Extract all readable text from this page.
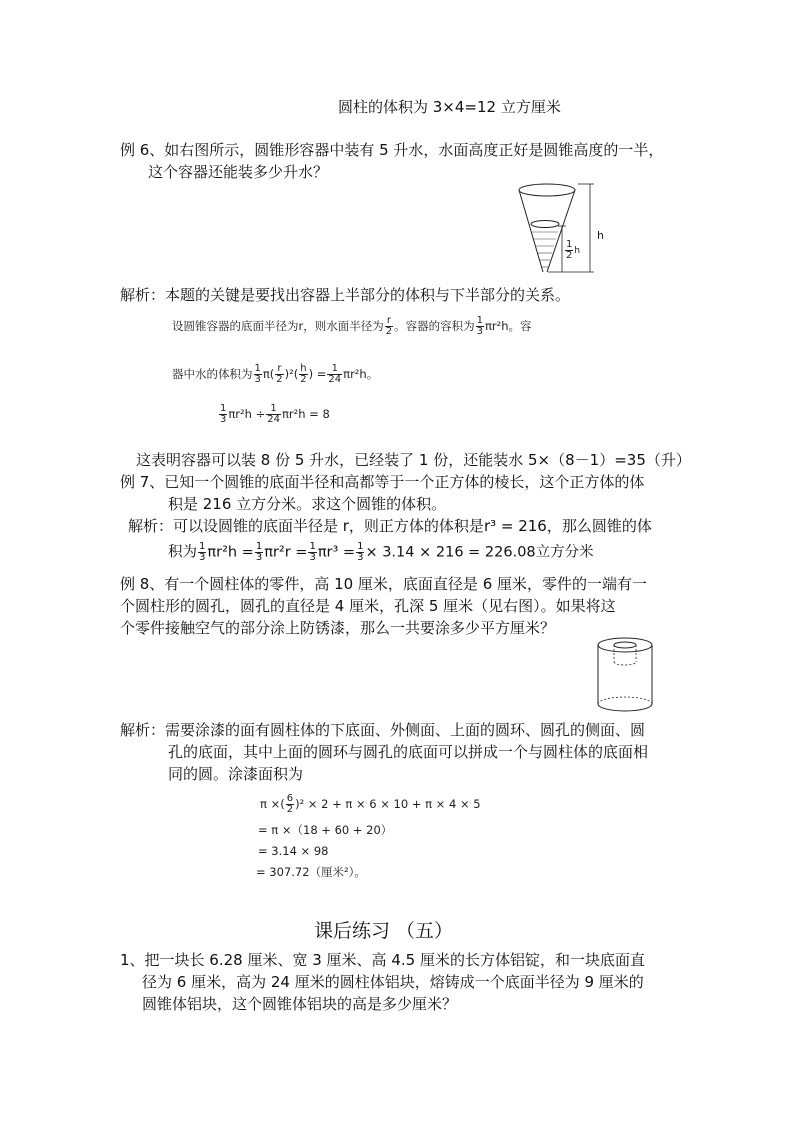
圆柱的体积为 3×4=12 立方厘米
例 6、如右图所示，圆锥形容器中装有 5 升水，水面高度正好是圆锥高度的一半，
这个容器还能装多少升水？
h
$\frac{1}{2}$ h
解析：本题的关键是要找出容器上半部分的体积与下半部分的关系。
设圆锥容器的底面半径为r，则水面半径为 $\frac{r}{2}$ 。容器的容积为 $\frac{1}{3} \pi r^2h$。容
器中水的体积为 $\frac{1}{3} \pi( \frac{r}{2} )^2( \frac{h}{2}$ ) = $\frac{1}{24} \pi r^2h$。
$\frac{1}{3} \pi r^2h \div \frac{1}{24} \pi r^2h = 8$
这表明容器可以装 8 份 5 升水，已经装了 1 份，还能装水 5×（8－1）=35（升）
例 7、已知一个圆锥的底面半径和高都等于一个正方体的棱长，这个正方体的体
积是 216 立方分米。求这个圆锥的体积。
解析：可以设圆锥的底面半径是 r，则正方体的体积是r³ = 216，那么圆锥的体
积为 $\frac{1}{3} \pi r^2h = \frac{1}{3} \pi r^2r = \frac{1}{3} \pi r^3 = \frac{1}{3} \times 3.14 \times 216 = 226.08$立方分米
例 8、有一个圆柱体的零件，高 10 厘米，底面直径是 6 厘米，零件的一端有一
个圆柱形的圆孔，圆孔的直径是 4 厘米，孔深 5 厘米（见右图）。如果将这
个零件接触空气的部分涂上防锈漆，那么一共要涂多少平方厘米？
解析：需要涂漆的面有圆柱体的下底面、外侧面、上面的圆环、圆孔的侧面、圆
孔的底面，其中上面的圆环与圆孔的底面可以拼成一个与圆柱体的底面相
同的圆。涂漆面积为
π ×( $\frac{6}{2} )^2 \times 2 + \pi \times 6 \times 10 + \pi \times 4 \times 5$
= π ×（18 + 60 + 20）
= 3.14 × 98
= 307.72（厘米²）。
课后练习 （五）
1、把一块长 6.28 厘米、宽 3 厘米、高 4.5 厘米的长方体铝锭，和一块底面直
径为 6 厘米，高为 24 厘米的圆柱体铝块，熔铸成一个底面半径为 9 厘米的
圆锥体铝块，这个圆锥体铝块的高是多少厘米？
